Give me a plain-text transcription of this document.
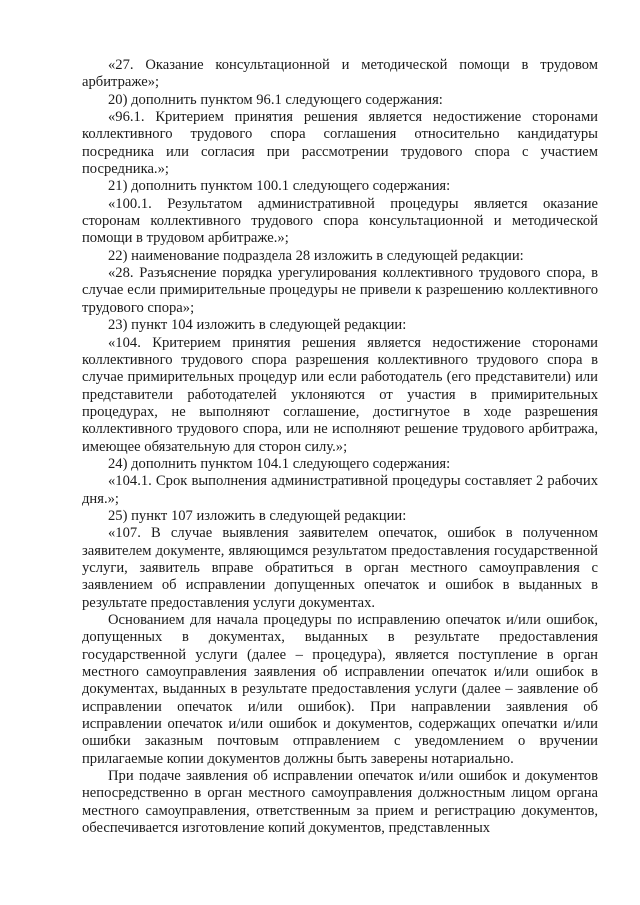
«27. Оказание консультационной и методической помощи в трудовом арбитраже»;

20) дополнить пунктом 96.1 следующего содержания:

«96.1. Критерием принятия решения является недостижение сторонами коллективного трудового спора соглашения относительно кандидатуры посредника или согласия при рассмотрении трудового спора с участием посредника.»;

21) дополнить пунктом 100.1 следующего содержания:

«100.1. Результатом административной процедуры является оказание сторонам коллективного трудового спора консультационной и методической помощи в трудовом арбитраже.»;

22) наименование подраздела 28 изложить в следующей редакции:

«28. Разъяснение порядка урегулирования коллективного трудового спора, в случае если примирительные процедуры не привели к разрешению коллективного трудового спора»;

23) пункт 104 изложить в следующей редакции:

«104. Критерием принятия решения является недостижение сторонами коллективного трудового спора разрешения коллективного трудового спора в случае примирительных процедур или если работодатель (его представители) или представители работодателей уклоняются от участия в примирительных процедурах, не выполняют соглашение, достигнутое в ходе разрешения коллективного трудового спора, или не исполняют решение трудового арбитража, имеющее обязательную для сторон силу.»;

24) дополнить пунктом 104.1 следующего содержания:

«104.1. Срок выполнения административной процедуры составляет 2 рабочих дня.»;

25) пункт 107 изложить в следующей редакции:

«107. В случае выявления заявителем опечаток, ошибок в полученном заявителем документе, являющимся результатом предоставления государственной услуги, заявитель вправе обратиться в орган местного самоуправления с заявлением об исправлении допущенных опечаток и ошибок в выданных в результате предоставления услуги документах.

Основанием для начала процедуры по исправлению опечаток и/или ошибок, допущенных в документах, выданных в результате предоставления государственной услуги (далее – процедура), является поступление в орган местного самоуправления заявления об исправлении опечаток и/или ошибок в документах, выданных в результате предоставления услуги (далее – заявление об исправлении опечаток и/или ошибок). При направлении заявления об исправлении опечаток и/или ошибок и документов, содержащих опечатки и/или ошибки заказным почтовым отправлением с уведомлением о вручении прилагаемые копии документов должны быть заверены нотариально.

При подаче заявления об исправлении опечаток и/или ошибок и документов непосредственно в орган местного самоуправления должностным лицом органа местного самоуправления, ответственным за прием и регистрацию документов, обеспечивается изготовление копий документов, представленных
